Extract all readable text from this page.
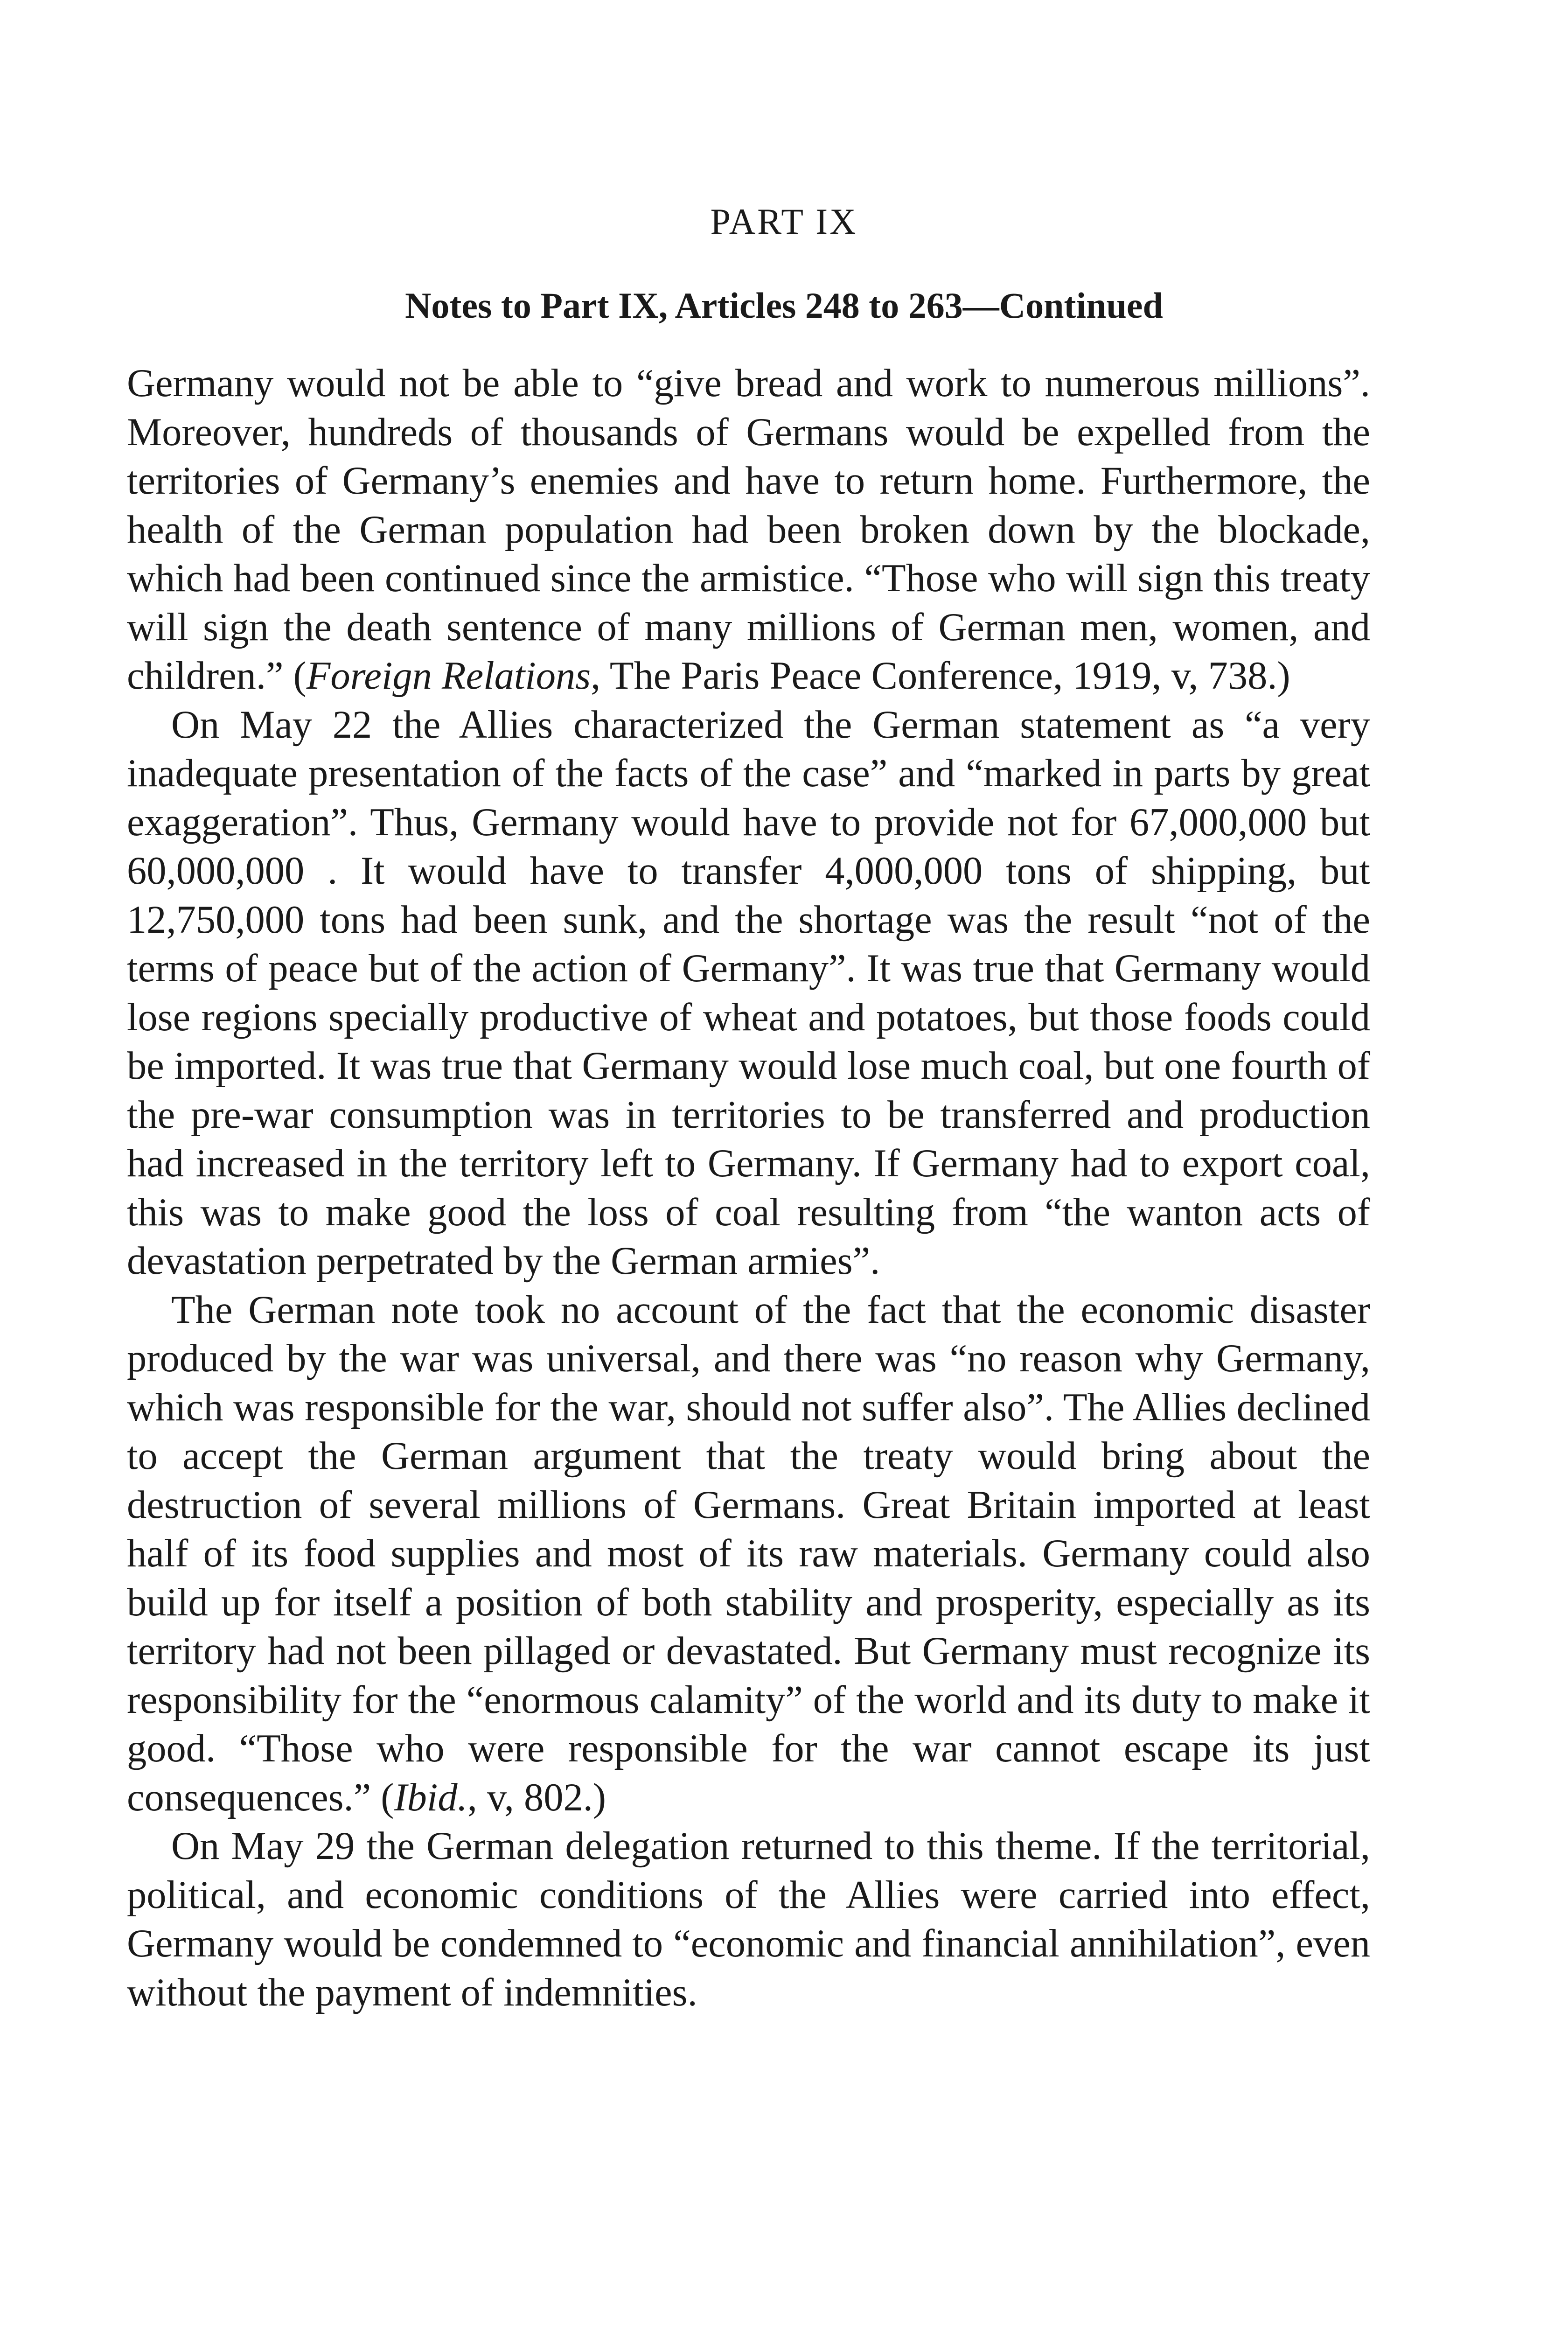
PART IX
Notes to Part IX, Articles 248 to 263—Continued

Germany would not be able to “give bread and work to numerous millions”. Moreover, hundreds of thousands of Germans would be expelled from the territories of Germany’s enemies and have to return home. Furthermore, the health of the German population had been broken down by the blockade, which had been continued since the armistice. “Those who will sign this treaty will sign the death sentence of many millions of German men, women, and children.” (Foreign Relations, The Paris Peace Conference, 1919, v, 738.)

On May 22 the Allies characterized the German statement as “a very inadequate presentation of the facts of the case” and “marked in parts by great exaggeration”. Thus, Germany would have to provide not for 67,000,000 but 60,000,000 . It would have to transfer 4,000,000 tons of shipping, but 12,750,000 tons had been sunk, and the shortage was the result “not of the terms of peace but of the action of Germany”. It was true that Germany would lose regions specially productive of wheat and potatoes, but those foods could be imported. It was true that Germany would lose much coal, but one fourth of the pre-war consumption was in territories to be transferred and production had increased in the territory left to Germany. If Germany had to export coal, this was to make good the loss of coal resulting from “the wanton acts of devastation perpetrated by the German armies”.

The German note took no account of the fact that the economic disaster produced by the war was universal, and there was “no reason why Germany, which was responsible for the war, should not suffer also”. The Allies declined to accept the German argument that the treaty would bring about the destruction of several millions of Germans. Great Britain imported at least half of its food supplies and most of its raw materials. Germany could also build up for itself a position of both stability and prosperity, especially as its territory had not been pillaged or devastated. But Germany must recognize its responsibility for the “enormous calamity” of the world and its duty to make it good. “Those who were responsible for the war cannot escape its just consequences.” (Ibid., v, 802.)

On May 29 the German delegation returned to this theme. If the territorial, political, and economic conditions of the Allies were carried into effect, Germany would be condemned to “economic and financial annihilation”, even without the payment of indemnities.
